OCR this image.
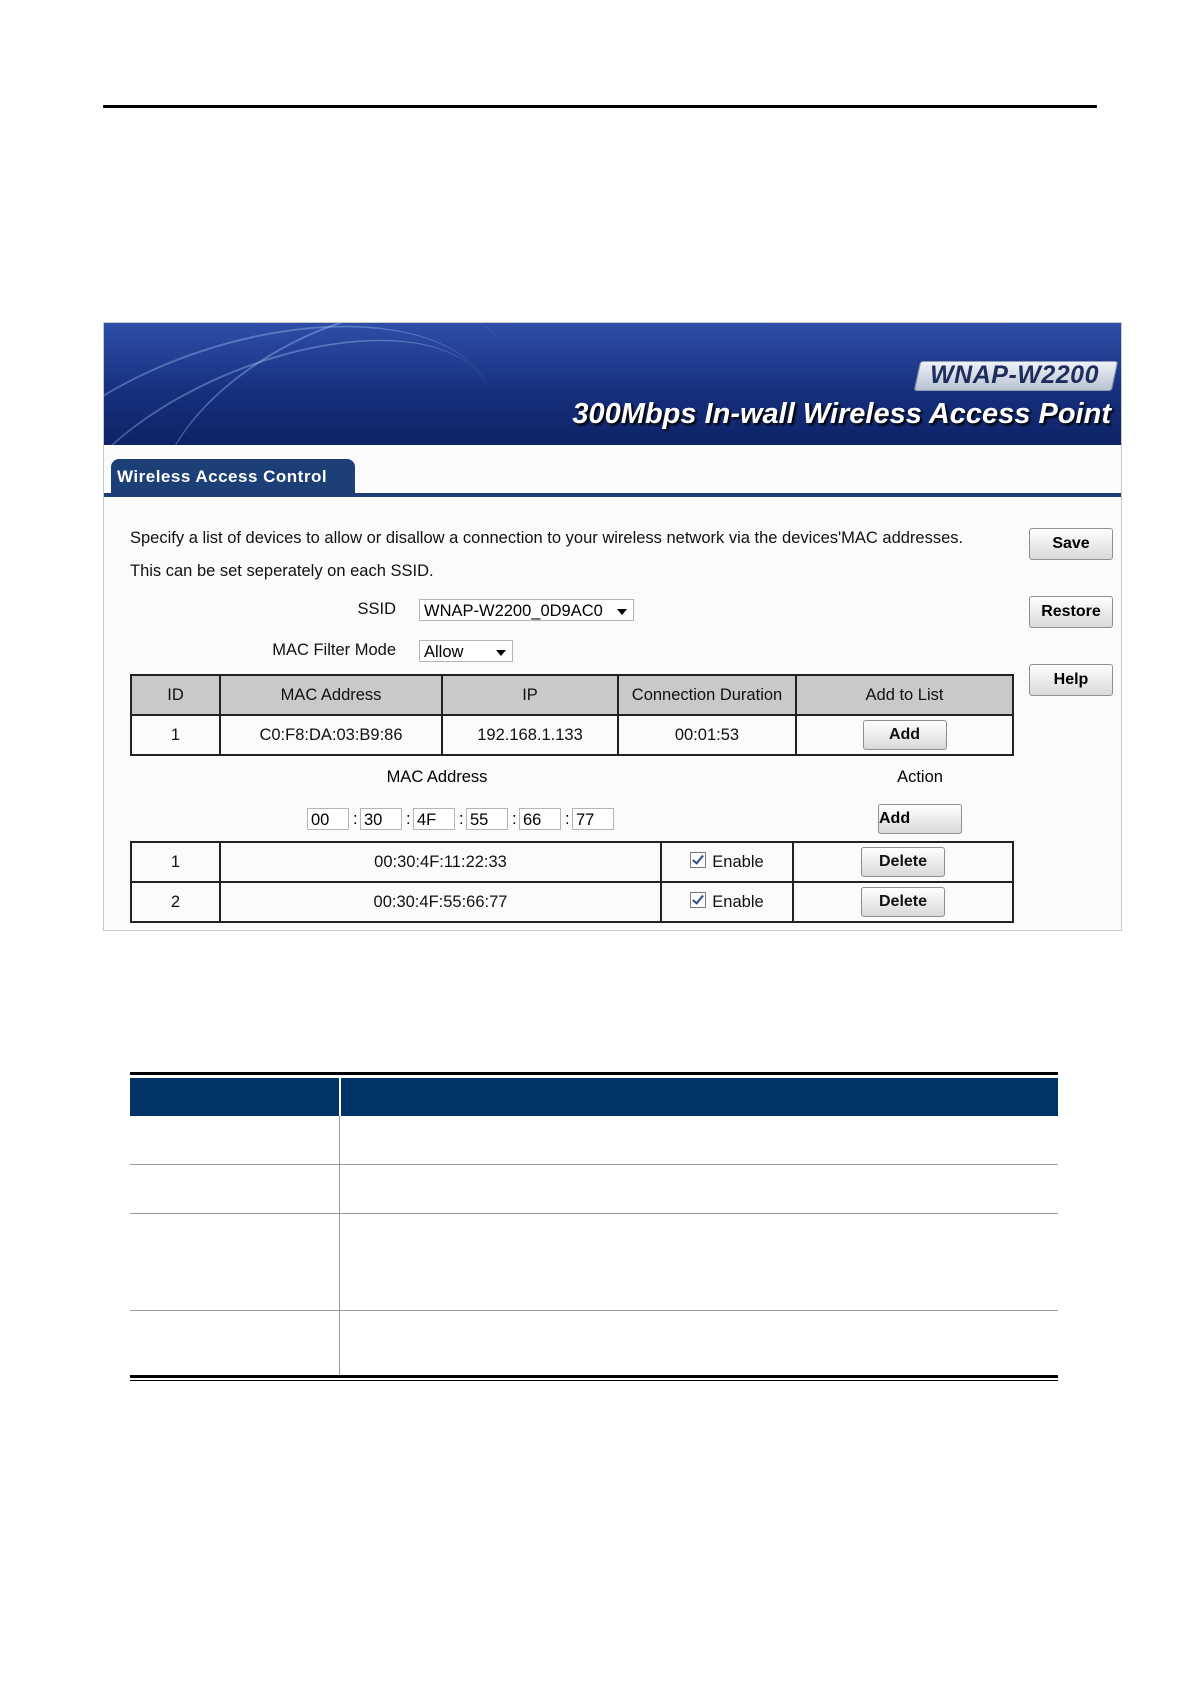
WNAP-W2200
300Mbps In-wall Wireless Access Point
Wireless Access Control
Specify a list of devices to allow or disallow a connection to your wireless network via the devices'MAC addresses.
This can be set seperately on each SSID.
SSID	WNAP-W2200_0D9AC0
MAC Filter Mode	Allow
Save
Restore
Help
ID	MAC Address	IP	Connection Duration	Add to List
1	C0:F8:DA:03:B9:86	192.168.1.133	00:01:53	Add
MAC Address	Action
00	: 30	: 4F	: 55	: 66	: 77	Add
1	00:30:4F:11:22:33	Enable	Delete
2	00:30:4F:55:66:77	Enable	Delete
